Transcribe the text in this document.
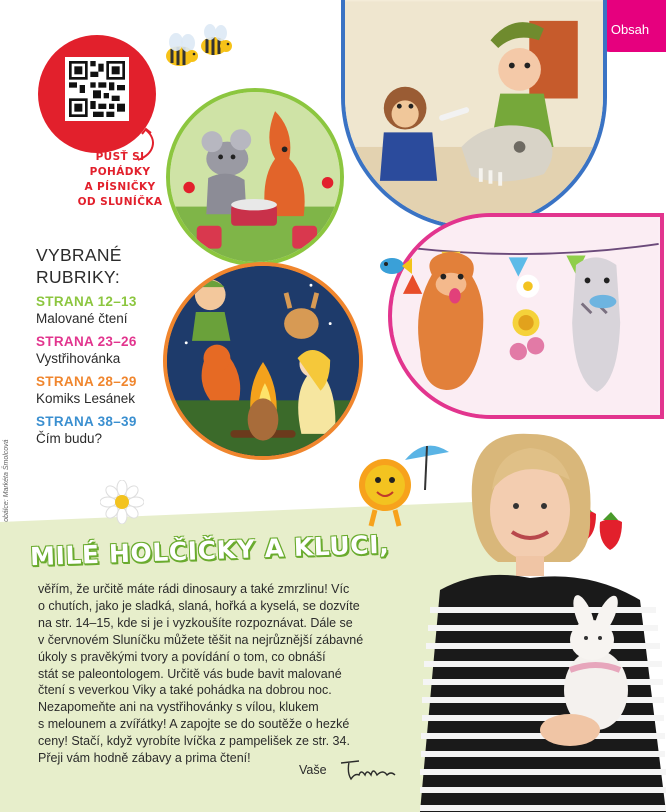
Obsah
PUSŤ SI
POHÁDKY
A PÍSNIČKY
OD SLUNÍČKA
VYBRANÉ
RUBRIKY:
STRANA 12–13
Malované čtení
STRANA 23–26
Vystřihovánka
STRANA 28–29
Komiks Lesánek
STRANA 38–39
Čím budu?

MILÉ HOLČIČKY A KLUCI,
věřím, že určitě máte rádi dinosaury a také zmrzlinu! Víc
o chutích, jako je sladká, slaná, hořká a kyselá, se dozvíte
na str. 14–15, kde si je i vyzkoušíte rozpoznávat. Dále se
v červnovém Sluníčku můžete těšit na nejrůznější zábavné
úkoly s pravěkými tvory a povídání o tom, co obnáší
stát se paleontologem. Určitě vás bude bavit malované
čtení s veverkou Viky a také pohádka na dobrou noc.
Nezapomeňte ani na vystřihovánky s vílou, klukem
s melounem a zvířátky! A zapojte se do soutěže o hezké
ceny! Stačí, když vyrobíte lvíčka z pampelišek ze str. 34.
Přeji vám hodně zábavy a prima čtení!
Vaše
